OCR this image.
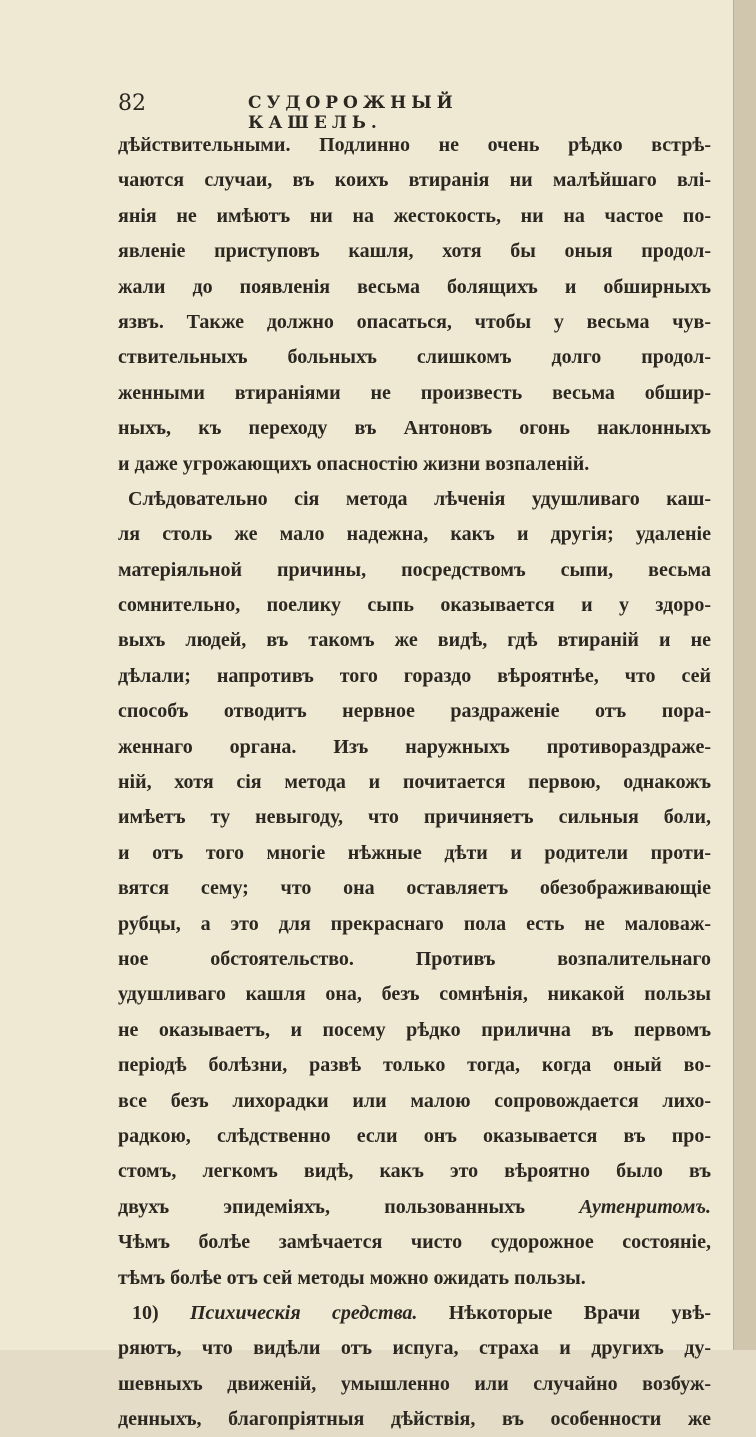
82	СУДОРОЖНЫЙ КАШЕЛЬ.
дѣйствительными. Подлинно не очень рѣдко встрѣ-
чаются случаи, въ коихъ втиранія ни малѣйшаго влі-
янія не имѣютъ ни на жестокость, ни на частое по-
явленіе приступовъ кашля, хотя бы оныя продол-
жали до появленія весьма болящихъ и обширныхъ
язвъ. Также должно опасаться, чтобы у весьма чув-
ствительныхъ больныхъ слишкомъ долго продол-
женными втираніями не произвесть весьма обшир-
ныхъ, къ переходу въ Антоновъ огонь наклонныхъ
и даже угрожающихъ опасностію жизни возпаленій.
Слѣдовательно сія метода лѣченія удушливаго каш-
ля столь же мало надежна, какъ и другія; удаленіе
матеріяльной причины, посредствомъ сыпи, весьма
сомнительно, поелику сыпь оказывается и у здоро-
выхъ людей, въ такомъ же видѣ, гдѣ втираній и не
дѣлали; напротивъ того гораздо вѣроятнѣе, что сей
способъ отводитъ нервное раздраженіе отъ пора-
женнаго органа. Изъ наружныхъ противораздраже-
ній, хотя сія метода и почитается первою, однакожъ
имѣетъ ту невыгоду, что причиняетъ сильныя боли,
и отъ того многіе нѣжные дѣти и родители проти-
вятся сему; что она оставляетъ обезображивающіе
рубцы, а это для прекраснаго пола есть не маловаж-
ное обстоятельство. Противъ возпалительнаго
удушливаго кашля она, безъ сомнѣнія, никакой пользы
не оказываетъ, и посему рѣдко прилична въ первомъ
періодѣ болѣзни, развѣ только тогда, когда оный во-
все безъ лихорадки или малою сопровождается лихо-
радкою, слѣдственно если онъ оказывается въ про-
стомъ, легкомъ видѣ, какъ это вѣроятно было въ
двухъ эпидеміяхъ, пользованныхъ Аутенритомъ.
Чѣмъ болѣе замѣчается чисто судорожное состояніе,
тѣмъ болѣе отъ сей методы можно ожидать пользы.
10) Психическія средства. Нѣкоторые Врачи увѣ-
ряютъ, что видѣли отъ испуга, страха и другихъ ду-
шевныхъ движеній, умышленно или случайно возбуж-
денныхъ, благопріятныя дѣйствія, въ особенности же
